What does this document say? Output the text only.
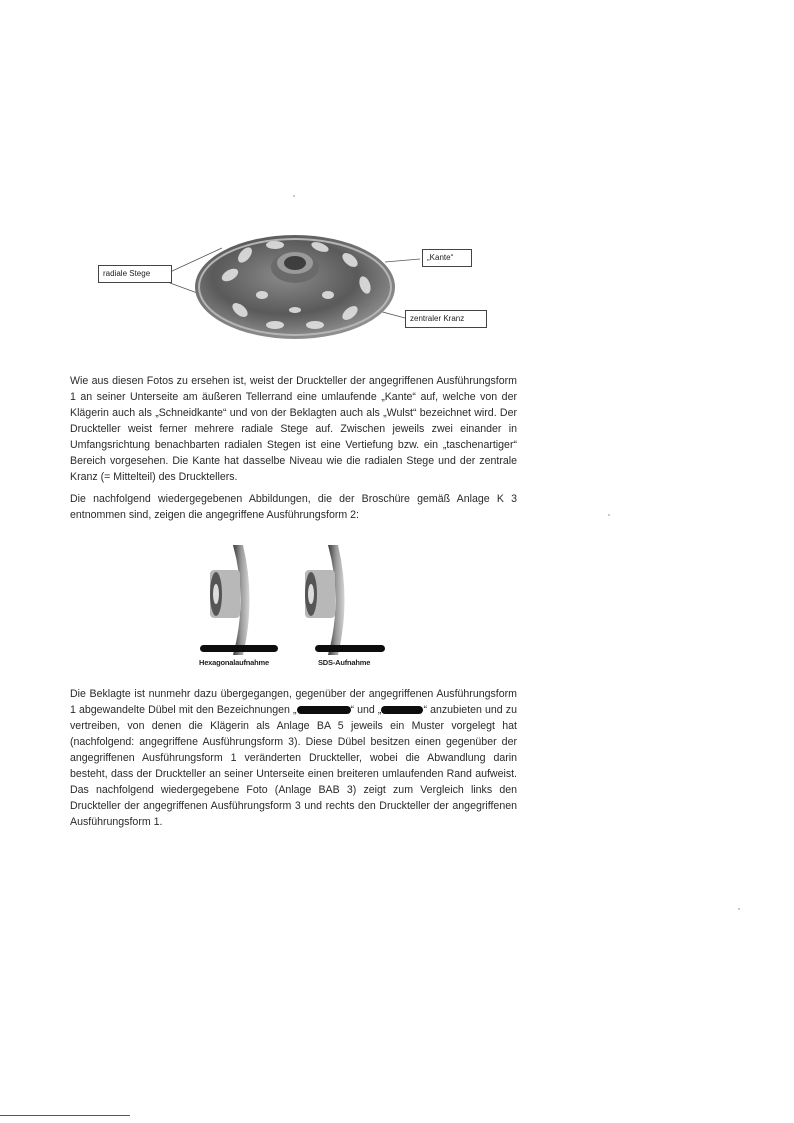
radiale Stege
„Kante“
zentraler Kranz

Wie aus diesen Fotos zu ersehen ist, weist der Druckteller der angegriffenen Ausführungsform 1 an seiner Unterseite am äußeren Tellerrand eine umlaufende „Kante“ auf, welche von der Klägerin auch als „Schneidkante“ und von der Beklagten auch als „Wulst“ bezeichnet wird. Der Druckteller weist ferner mehrere radiale Stege auf. Zwischen jeweils zwei einander in Umfangsrichtung benachbarten radialen Stegen ist eine Vertiefung bzw. ein „taschenartiger“ Bereich vorgesehen. Die Kante hat dasselbe Niveau wie die radialen Stege und der zentrale Kranz (= Mittelteil) des Drucktellers.

Die nachfolgend wiedergegebenen Abbildungen, die der Broschüre gemäß Anlage K 3 entnommen sind, zeigen die angegriffene Ausführungsform 2:

Hexagonalaufnahme	SDS-Aufnahme

Die Beklagte ist nunmehr dazu übergegangen, gegenüber der angegriffenen Ausführungsform 1 abgewandelte Dübel mit den Bezeichnungen „	“ und „	“ anzubieten und zu vertreiben, von denen die Klägerin als Anlage BA 5 jeweils ein Muster vorgelegt hat (nachfolgend: angegriffene Ausführungsform 3). Diese Dübel besitzen einen gegenüber der angegriffenen Ausführungsform 1 veränderten Druckteller, wobei die Abwandlung darin besteht, dass der Druckteller an seiner Unterseite einen breiteren umlaufenden Rand aufweist. Das nachfolgend wiedergegebene Foto (Anlage BAB 3) zeigt zum Vergleich links den Druckteller der angegriffenen Ausführungsform 3 und rechts den Druckteller der angegriffenen Ausführungsform 1.
